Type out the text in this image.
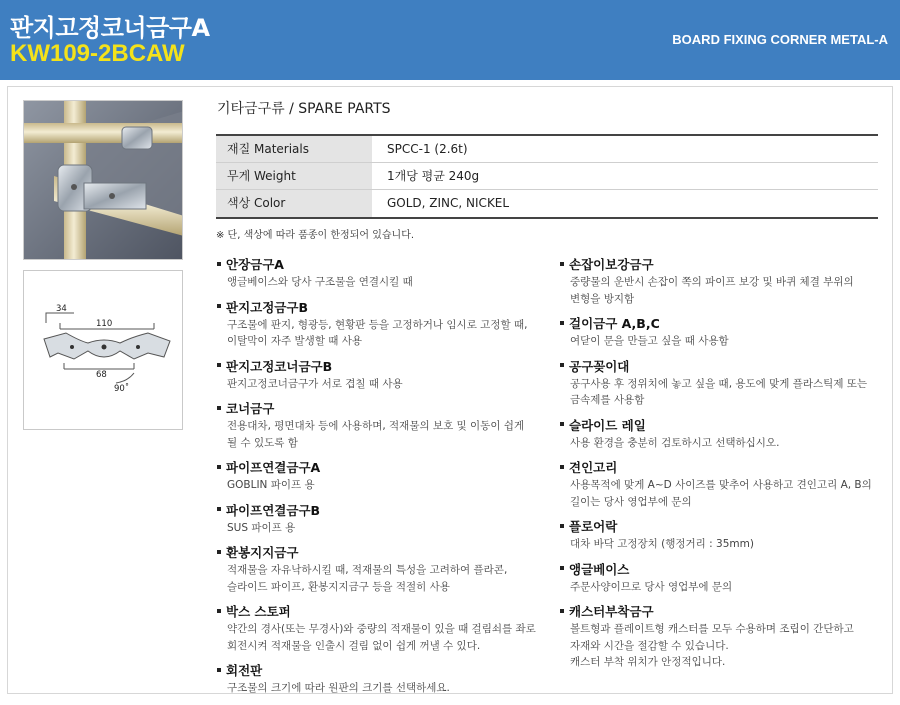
판지고정코너금구A
KW109-2BCAW
BOARD FIXING CORNER METAL-A
34
110
68
90˚
기타금구류 / SPARE PARTS
재질 Materials	SPCC-1 (2.6t)
무게 Weight	1개당 평균 240g
색상 Color	GOLD, ZINC, NICKEL
※ 단, 색상에 따라 품종이 한정되어 있습니다.
안장금구A
앵글베이스와 당사 구조물을 연결시킬 때
판지고정금구B
구조물에 판지, 형광등, 현황판 등을 고정하거나 임시로 고정할 때,
이탈막이 자주 발생할 때 사용
판지고정코너금구B
판지고정코너금구가 서로 겹칠 때 사용
코너금구
전용대차, 평면대차 등에 사용하며, 적재물의 보호 및 이동이 쉽게
될 수 있도록 함
파이프연결금구A
GOBLIN 파이프 용
파이프연결금구B
SUS 파이프 용
환봉지지금구
적재물을 자유낙하시킬 때, 적재물의 특성을 고려하여 플라콘,
슬라이드 파이프, 환봉지지금구 등을 적절히 사용
박스 스토퍼
약간의 경사(또는 무경사)와 중량의 적재물이 있을 때 걸림쇠를 좌로
회전시켜 적재물을 인출시 걸림 없이 쉽게 꺼낼 수 있다.
회전판
구조물의 크기에 따라 원판의 크기를 선택하세요.
손잡이보강금구
중량물의 운반시 손잡이 쪽의 파이프 보강 및 바퀴 체결 부위의
변형을 방지함
걸이금구 A,B,C
여닫이 문을 만들고 싶을 때 사용함
공구꽂이대
공구사용 후 정위치에 놓고 싶을 때, 용도에 맞게 플라스틱제 또는
금속제를 사용함
슬라이드 레일
사용 환경을 충분히 검토하시고 선택하십시오.
견인고리
사용목적에 맞게 A~D 사이즈를 맞추어 사용하고 견인고리 A, B의
길이는 당사 영업부에 문의
플로어락
대차 바닥 고정장치 (행정거리 : 35mm)
앵글베이스
주문사양이므로 당사 영업부에 문의
캐스터부착금구
볼트형과 플레이트형 캐스터를 모두 수용하며 조립이 간단하고
자재와 시간을 절감할 수 있습니다.
캐스터 부착 위치가 안정적입니다.
